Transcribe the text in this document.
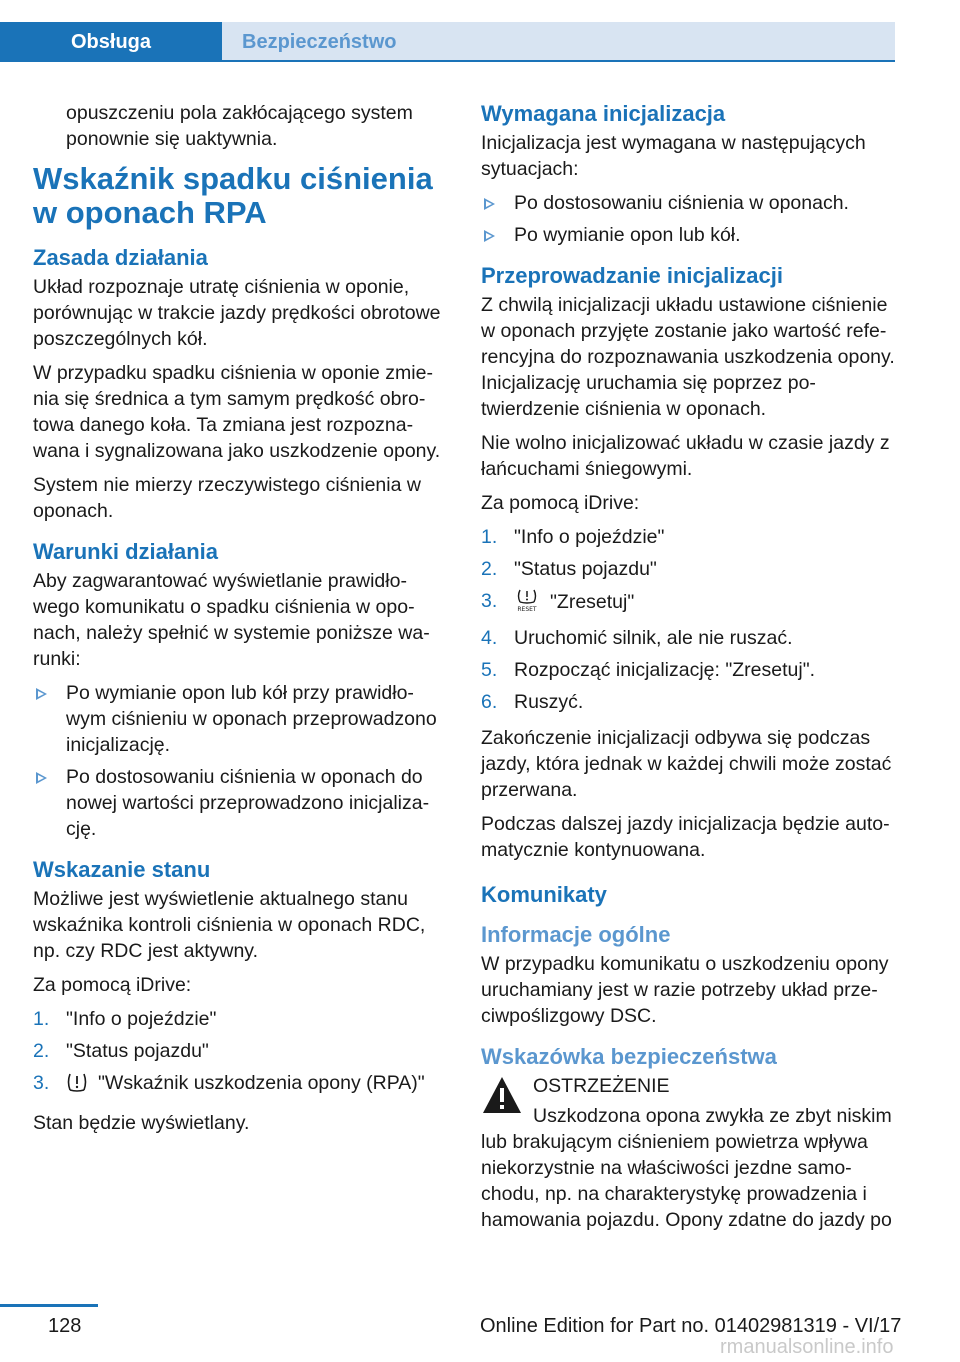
Obsługa	Bezpieczeństwo

opuszczeniu pola zakłócającego system ponownie się uaktywnia.

Wskaźnik spadku ciśnienia w oponach RPA
Zasada działania

Układ rozpoznaje utratę ciśnienia w oponie, porównując w trakcie jazdy prędkości obrotowe poszczególnych kół.

W przypadku spadku ciśnienia w oponie zmienia się średnica a tym samym prędkość obrotowa danego koła. Ta zmiana jest rozpoznawana i sygnalizowana jako uszkodzenie opony.

System nie mierzy rzeczywistego ciśnienia w oponach.

Warunki działania

Aby zagwarantować wyświetlanie prawidłowego komunikatu o spadku ciśnienia w oponach, należy spełnić w systemie poniższe warunki:

Po wymianie opon lub kół przy prawidłowym ciśnieniu w oponach przeprowadzono inicjalizację.
Po dostosowaniu ciśnienia w oponach do nowej wartości przeprowadzono inicjalizację.
Wskazanie stanu

Możliwe jest wyświetlenie aktualnego stanu wskaźnika kontroli ciśnienia w oponach RDC, np. czy RDC jest aktywny.

Za pomocą iDrive:

1. "Info o pojeździe"
2. "Status pojazdu"
3. "Wskaźnik uszkodzenia opony (RPA)"

Stan będzie wyświetlany.

Wymagana inicjalizacja

Inicjalizacja jest wymagana w następujących sytuacjach:

Po dostosowaniu ciśnienia w oponach.
Po wymianie opon lub kół.
Przeprowadzanie inicjalizacji

Z chwilą inicjalizacji układu ustawione ciśnienie w oponach przyjęte zostanie jako wartość referencyjna do rozpoznawania uszkodzenia opony. Inicjalizację uruchamia się poprzez potwierdzenie ciśnienia w oponach.

Nie wolno inicjalizować układu w czasie jazdy z łańcuchami śniegowymi.

Za pomocą iDrive:

1. "Info o pojeździe"
2. "Status pojazdu"
3.	RESET "Zresetuj"
4. Uruchomić silnik, ale nie ruszać.
5. Rozpocząć inicjalizację: "Zresetuj".
6. Ruszyć.

Zakończenie inicjalizacji odbywa się podczas jazdy, która jednak w każdej chwili może zostać przerwana.

Podczas dalszej jazdy inicjalizacja będzie automatycznie kontynuowana.

Komunikaty
Informacje ogólne

W przypadku komunikatu o uszkodzeniu opony uruchamiany jest w razie potrzeby układ przeciwpoślizgowy DSC.

Wskazówka bezpieczeństwa

OSTRZEŻENIE

Uszkodzona opona zwykła ze zbyt niskim lub brakującym ciśnieniem powietrza wpływa niekorzystnie na właściwości jezdne samochodu, np. na charakterystykę prowadzenia i hamowania pojazdu. Opony zdatne do jazdy po

128	Online Edition for Part no. 01402981319 - VI/17
rmanualsonline.info
